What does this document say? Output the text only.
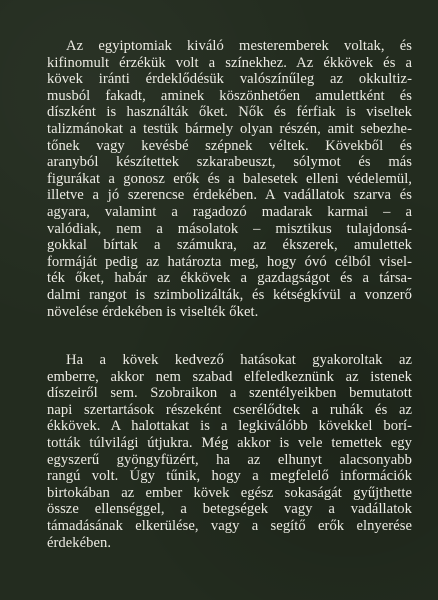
Az egyiptomiak kiváló mesteremberek voltak, és
kifinomult érzékük volt a színekhez. Az ékkövek és a
kövek iránti érdeklődésük valószínűleg az okkultiz-
musból fakadt, aminek köszönhetően amulettként és
díszként is használták őket. Nők és férfiak is viseltek
talizmánokat a testük bármely olyan részén, amit sebezhe-
tőnek vagy kevésbé szépnek véltek. Kövekből és
aranyból készítettek szkarabeuszt, sólymot és más
figurákat a gonosz erők és a balesetek elleni védelemül,
illetve a jó szerencse érdekében. A vadállatok szarva és
agyara, valamint a ragadozó madarak karmai – a
valódiak, nem a másolatok – misztikus tulajdonsá-
gokkal bírtak a számukra, az ékszerek, amulettek
formáját pedig az határozta meg, hogy óvó célból visel-
ték őket, habár az ékkövek a gazdagságot és a társa-
dalmi rangot is szimbolizálták, és kétségkívül a vonzerő
növelése érdekében is viselték őket.
Ha a kövek kedvező hatásokat gyakoroltak az
emberre, akkor nem szabad elfeledkeznünk az istenek
díszeiről sem. Szobraikon a szentélyeikben bemutatott
napi szertartások részeként cserélődtek a ruhák és az
ékkövek. A halottakat is a legkiválóbb kövekkel borí-
tották túlvilági útjukra. Még akkor is vele temettek egy
egyszerű gyöngyfüzért, ha az elhunyt alacsonyabb
rangú volt. Úgy tűnik, hogy a megfelelő információk
birtokában az ember kövek egész sokaságát gyűjthette
össze ellenséggel, a betegségek vagy a vadállatok
támadásának elkerülése, vagy a segítő erők elnyerése
érdekében.
